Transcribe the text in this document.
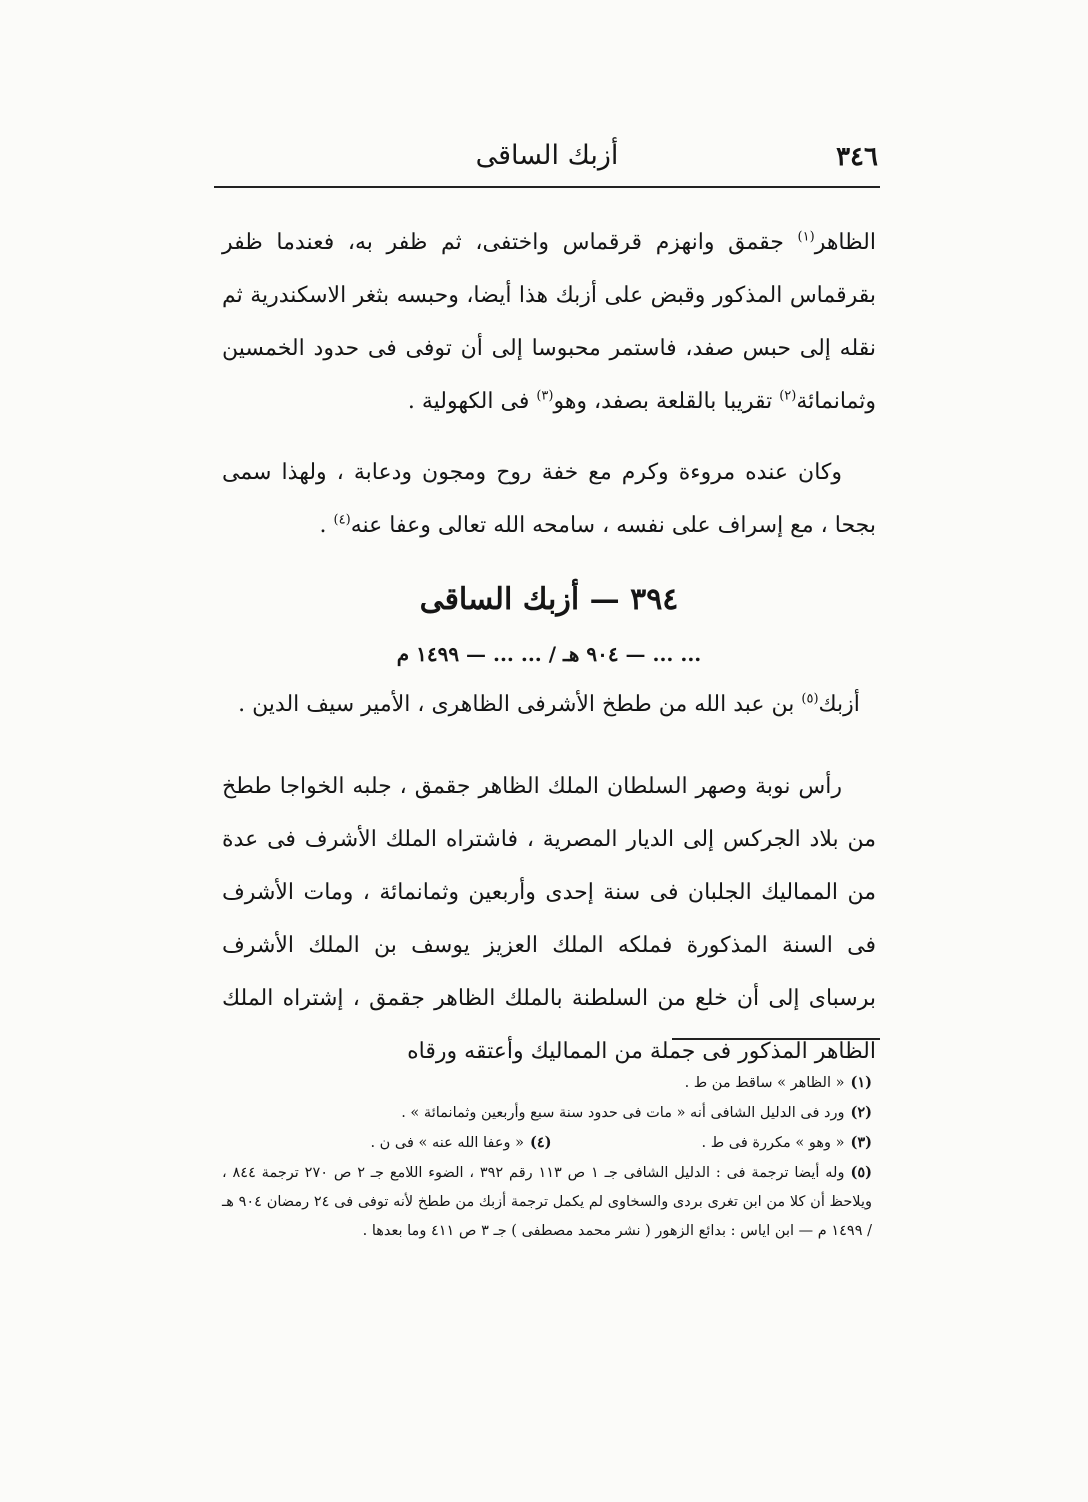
٣٤٦
أزبك الساقى

الظاهر$^{(١)}$ جقمق وانهزم قرقماس واختفى، ثم ظفر به، فعندما ظفر بقرقماس المذكور وقبض على أزبك هذا أيضا، وحبسه بثغر الاسكندرية ثم نقله إلى حبس صفد، فاستمر محبوسا إلى أن توفى فى حدود الخمسين وثمانمائة$^{(٢)}$ تقريبا بالقلعة بصفد، وهو$^{(٣)}$ فى الكهولية .

وكان عنده مروءة وكرم مع خفة روح ومجون ودعابة ، ولهذا سمى بجحا ، مع إسراف على نفسه ، سامحه الله تعالى وعفا عنه$^{(٤)}$ .

٣٩٤ — أزبك الساقى
... ... — ٩٠٤ هـ / ... ... — ١٤٩٩ م
أزبك$^{(٥)}$ بن عبد الله من ططخ الأشرفى الظاهرى ، الأمير سيف الدين .

رأس نوبة وصهر السلطان الملك الظاهر جقمق ، جلبه الخواجا ططخ من بلاد الجركس إلى الديار المصرية ، فاشتراه الملك الأشرف فى عدة من المماليك الجلبان فى سنة إحدى وأربعين وثمانمائة ، ومات الأشرف فى السنة المذكورة فملكه الملك العزيز يوسف بن الملك الأشرف برسباى إلى أن خلع من السلطنة بالملك الظاهر جقمق ، إشتراه الملك الظاهر المذكور فى جملة من المماليك وأعتقه ورقاه

(١)« الظاهر » ساقط من ط .

(٢)ورد فى الدليل الشافى أنه « مات فى حدود سنة سبع وأربعين وثمانمائة » .

(٣)« وهو » مكررة فى ط .
(٤)« وعفا الله عنه » فى ن .

(٥)وله أيضا ترجمة فى : الدليل الشافى جـ ١ ص ١١٣ رقم ٣٩٢ ، الضوء اللامع جـ ٢ ص ٢٧٠ ترجمة ٨٤٤ ، ويلاحظ أن كلا من ابن تغرى بردى والسخاوى لم يكمل ترجمة أزبك من ططخ لأنه توفى فى ٢٤ رمضان ٩٠٤ هـ / ١٤٩٩ م — ابن اياس : بدائع الزهور ( نشر محمد مصطفى ) جـ ٣ ص ٤١١ وما بعدها .
